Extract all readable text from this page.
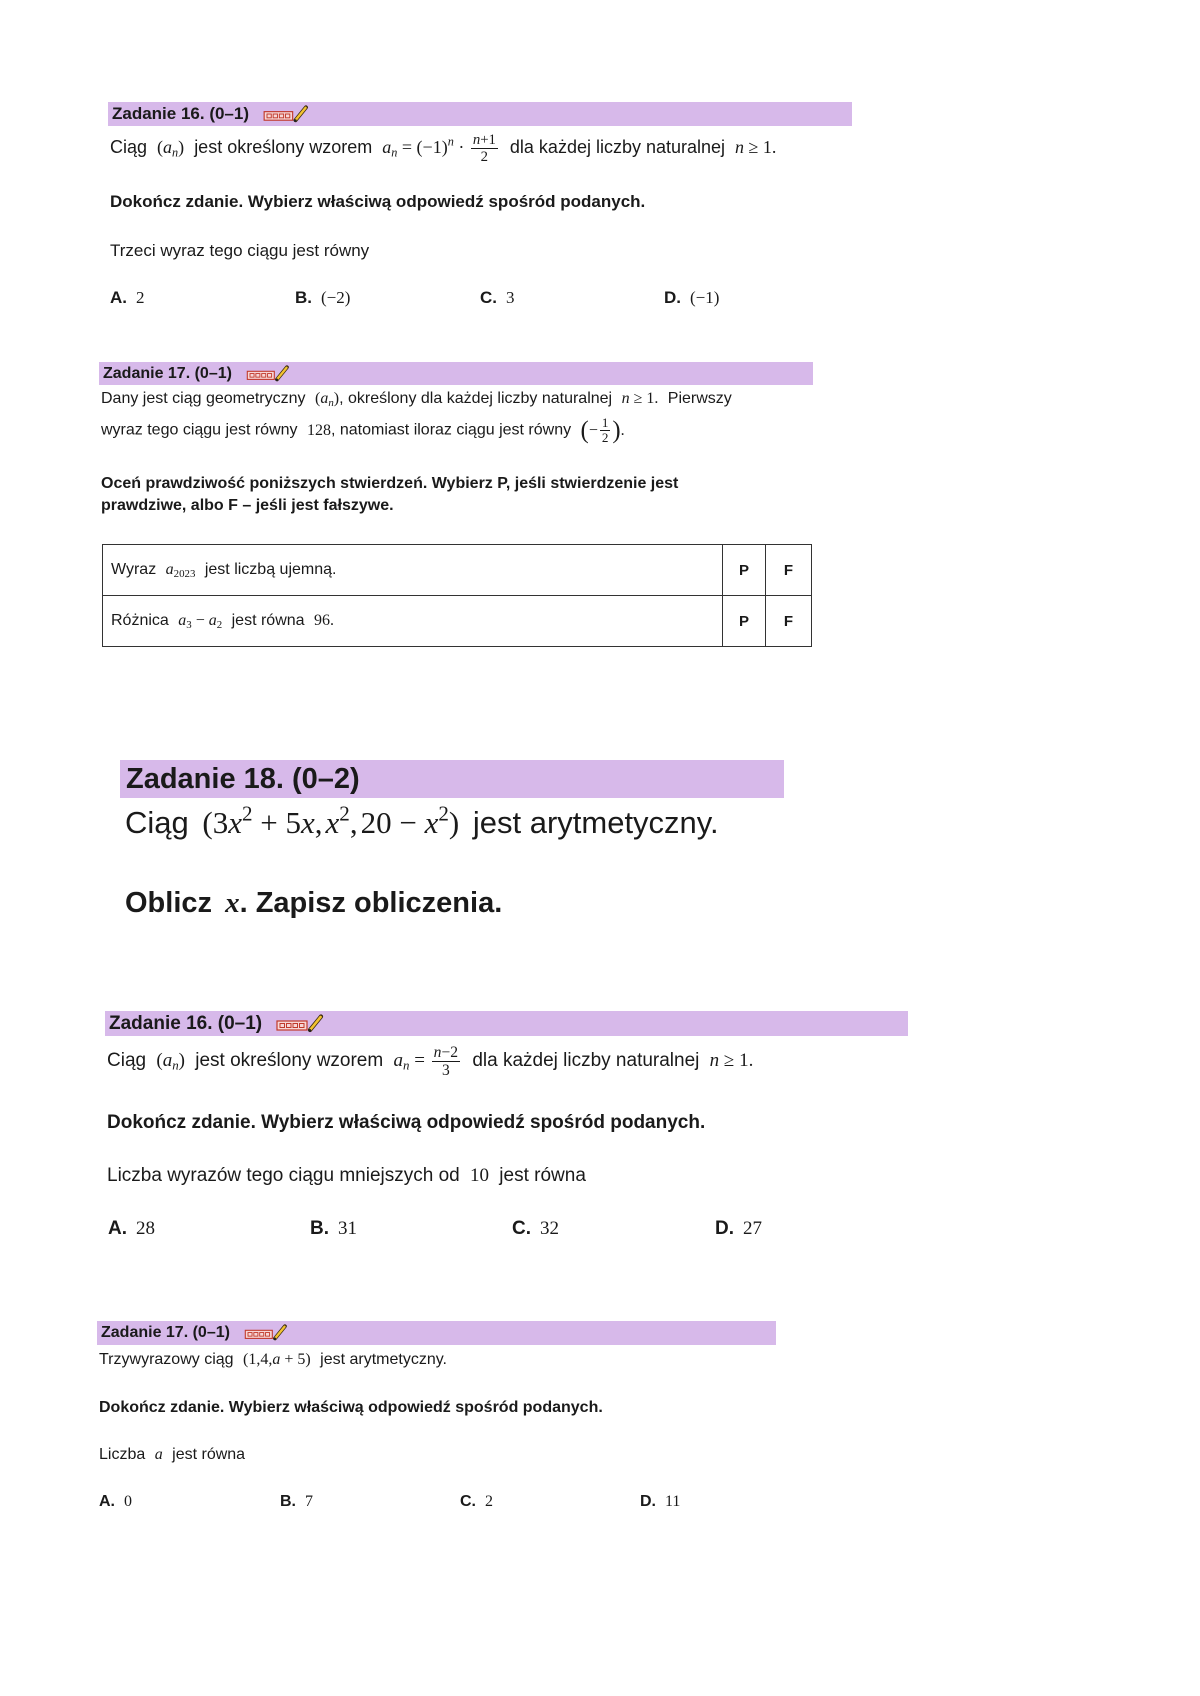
Zadanie 16. (0–1)
Ciąg $(a_n)$ jest określony wzorem $a_n = (-1)^n \cdot \frac{n+1}{2}$ dla każdej liczby naturalnej n ≥ 1.
Dokończ zdanie. Wybierz właściwą odpowiedź spośród podanych.
Trzeci wyraz tego ciągu jest równy
A. 2	B. (−2)	C. 3	D. (−1)
Zadanie 17. (0–1)
Dany jest ciąg geometryczny $(a_n)$, określony dla każdej liczby naturalnej n ≥ 1. Pierwszy
wyraz tego ciągu jest równy 128, natomiast iloraz ciągu jest równy (− $\frac{1}{2}$ ).
Oceń prawdziwość poniższych stwierdzeń. Wybierz P, jeśli stwierdzenie jest
prawdziwe, albo F – jeśli jest fałszywe.
Wyraz $a_{2023}$ jest liczbą ujemną.	P	F
Różnica $a_3 - a_2$ jest równa 96.	P	F
Zadanie 18. (0–2)
Ciąg $(3x^2 + 5x,x^2,20 - x^2)$ jest arytmetyczny.
Oblicz x. Zapisz obliczenia.
Zadanie 16. (0–1)
Ciąg $(a_n)$ jest określony wzorem $a_n = \frac{n-2}{3}$ dla każdej liczby naturalnej n ≥ 1.
Dokończ zdanie. Wybierz właściwą odpowiedź spośród podanych.
Liczba wyrazów tego ciągu mniejszych od 10 jest równa
A. 28	B. 31	C. 32	D. 27
Zadanie 17. (0–1)
Trzywyrazowy ciąg (1,4,a + 5) jest arytmetyczny.
Dokończ zdanie. Wybierz właściwą odpowiedź spośród podanych.
Liczba a jest równa
A. 0	B. 7	C. 2	D. 11
